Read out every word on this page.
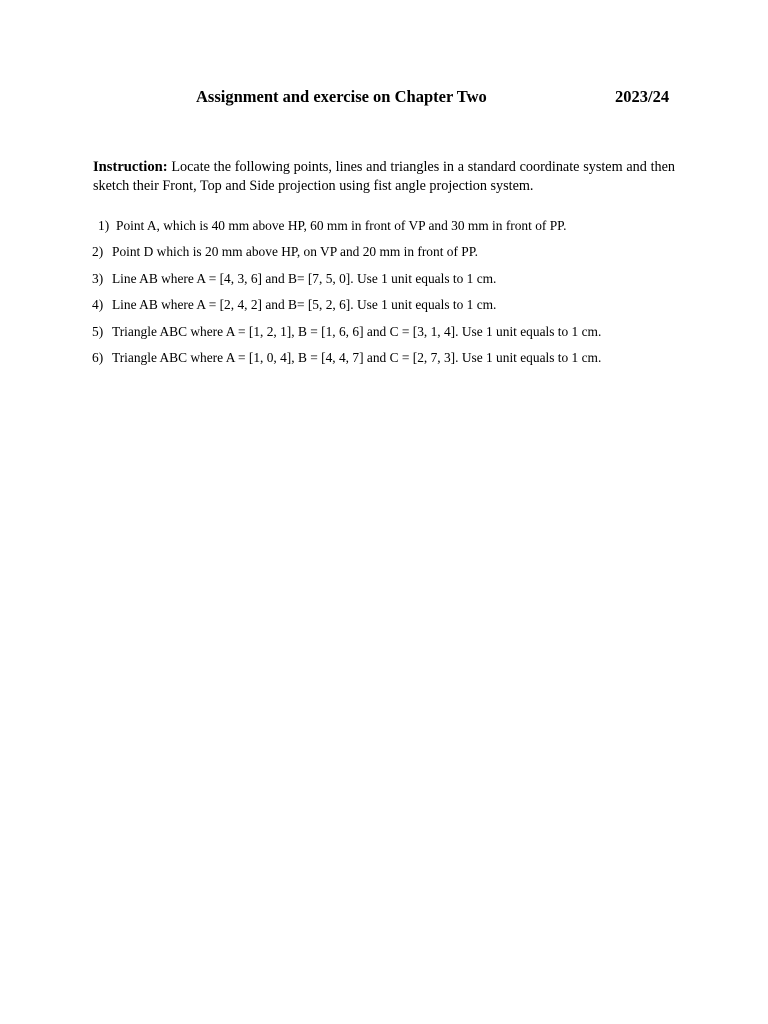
Assignment and exercise on Chapter Two	2023/24

Instruction: Locate the following points, lines and triangles in a standard coordinate system and then sketch their Front, Top and Side projection using fist angle projection system.

1) Point A, which is 40 mm above HP, 60 mm in front of VP and 30 mm in front of PP.
2) Point D which is 20 mm above HP, on VP and 20 mm in front of PP.
3) Line AB where A = [4, 3, 6] and B= [7, 5, 0]. Use 1 unit equals to 1 cm.
4) Line AB where A = [2, 4, 2] and B= [5, 2, 6]. Use 1 unit equals to 1 cm.
5) Triangle ABC where A = [1, 2, 1], B = [1, 6, 6] and C = [3, 1, 4]. Use 1 unit equals to 1 cm.
6) Triangle ABC where A = [1, 0, 4], B = [4, 4, 7] and C = [2, 7, 3]. Use 1 unit equals to 1 cm.
